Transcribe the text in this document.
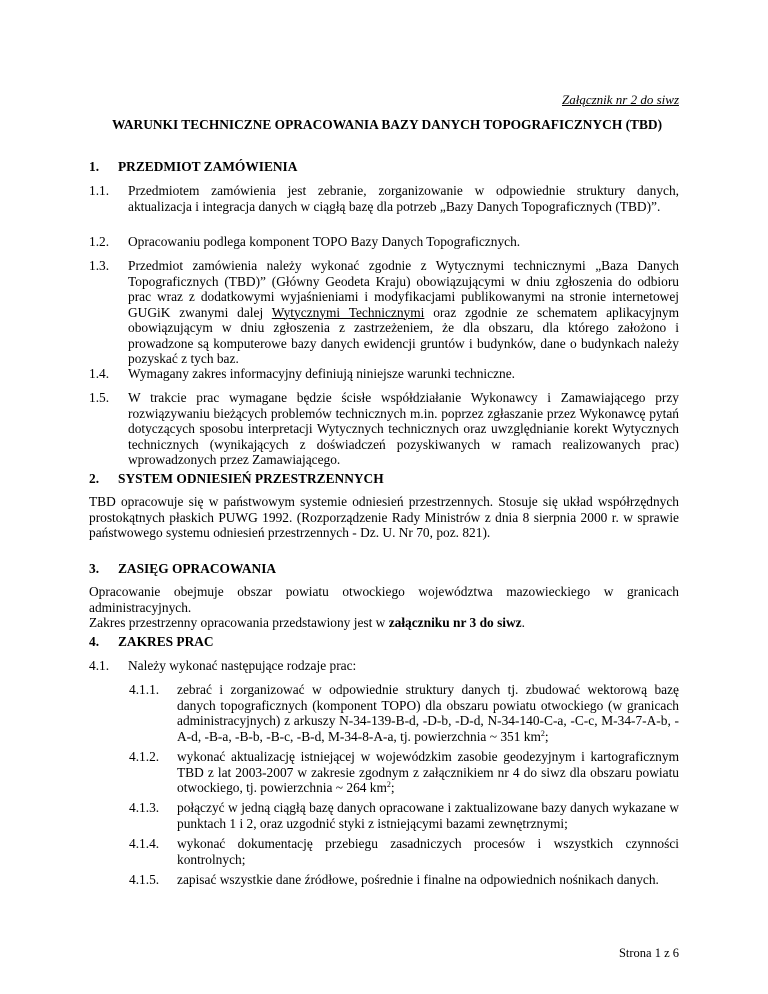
Załącznik nr 2 do siwz
WARUNKI TECHNICZNE OPRACOWANIA BAZY DANYCH TOPOGRAFICZNYCH (TBD)
1. PRZEDMIOT ZAMÓWIENIA
1.1.	Przedmiotem zamówienia jest zebranie, zorganizowanie w odpowiednie struktury danych, aktualizacja i integracja danych w ciągłą bazę dla potrzeb „Bazy Danych Topograficznych (TBD)”.
1.2.	Opracowaniu podlega komponent TOPO Bazy Danych Topograficznych.
1.3.	Przedmiot zamówienia należy wykonać zgodnie z Wytycznymi technicznymi „Baza Danych Topograficznych (TBD)” (Główny Geodeta Kraju) obowiązującymi w dniu zgłoszenia do odbioru prac wraz z dodatkowymi wyjaśnieniami i modyfikacjami publikowanymi na stronie internetowej GUGiK zwanymi dalej Wytycznymi Technicznymi oraz zgodnie ze schematem aplikacyjnym obowiązującym w dniu zgłoszenia z zastrzeżeniem, że dla obszaru, dla którego założono i prowadzone są komputerowe bazy danych ewidencji gruntów i budynków, dane o budynkach należy pozyskać z tych baz.
1.4.	Wymagany zakres informacyjny definiują niniejsze warunki techniczne.
1.5.	W trakcie prac wymagane będzie ścisłe współdziałanie Wykonawcy i Zamawiającego przy rozwiązywaniu bieżących problemów technicznych m.in. poprzez zgłaszanie przez Wykonawcę pytań dotyczących sposobu interpretacji Wytycznych technicznych oraz uwzględnianie korekt Wytycznych technicznych (wynikających z doświadczeń pozyskiwanych w ramach realizowanych prac) wprowadzonych przez Zamawiającego.
2. SYSTEM ODNIESIEŃ PRZESTRZENNYCH
TBD opracowuje się w państwowym systemie odniesień przestrzennych. Stosuje się układ współrzędnych prostokątnych płaskich PUWG 1992. (Rozporządzenie Rady Ministrów z dnia 8 sierpnia 2000 r. w sprawie państwowego systemu odniesień przestrzennych - Dz. U. Nr 70, poz. 821).
3. ZASIĘG OPRACOWANIA
Opracowanie obejmuje obszar powiatu otwockiego województwa mazowieckiego w granicach administracyjnych.
Zakres przestrzenny opracowania przedstawiony jest w załączniku nr 3 do siwz.
4. ZAKRES PRAC
4.1.	Należy wykonać następujące rodzaje prac:
4.1.1.	zebrać i zorganizować w odpowiednie struktury danych tj. zbudować wektorową bazę danych topograficznych (komponent TOPO) dla obszaru powiatu otwockiego (w granicach administracyjnych) z arkuszy N-34-139-B-d, -D-b, -D-d, N-34-140-C-a, -C-c, M-34-7-A-b, -A-d, -B-a, -B-b, -B-c, -B-d, M-34-8-A-a, tj. powierzchnia ~ 351 $km^2$;
4.1.2.	wykonać aktualizację istniejącej w wojewódzkim zasobie geodezyjnym i kartograficznym TBD z lat 2003-2007 w zakresie zgodnym z załącznikiem nr 4 do siwz dla obszaru powiatu otwockiego, tj. powierzchnia ~ 264 $km^2$;
4.1.3.	połączyć w jedną ciągłą bazę danych opracowane i zaktualizowane bazy danych wykazane w punktach 1 i 2, oraz uzgodnić styki z istniejącymi bazami zewnętrznymi;
4.1.4.	wykonać dokumentację przebiegu zasadniczych procesów i wszystkich czynności kontrolnych;
4.1.5.	zapisać wszystkie dane źródłowe, pośrednie i finalne na odpowiednich nośnikach danych.
Strona 1 z 6
